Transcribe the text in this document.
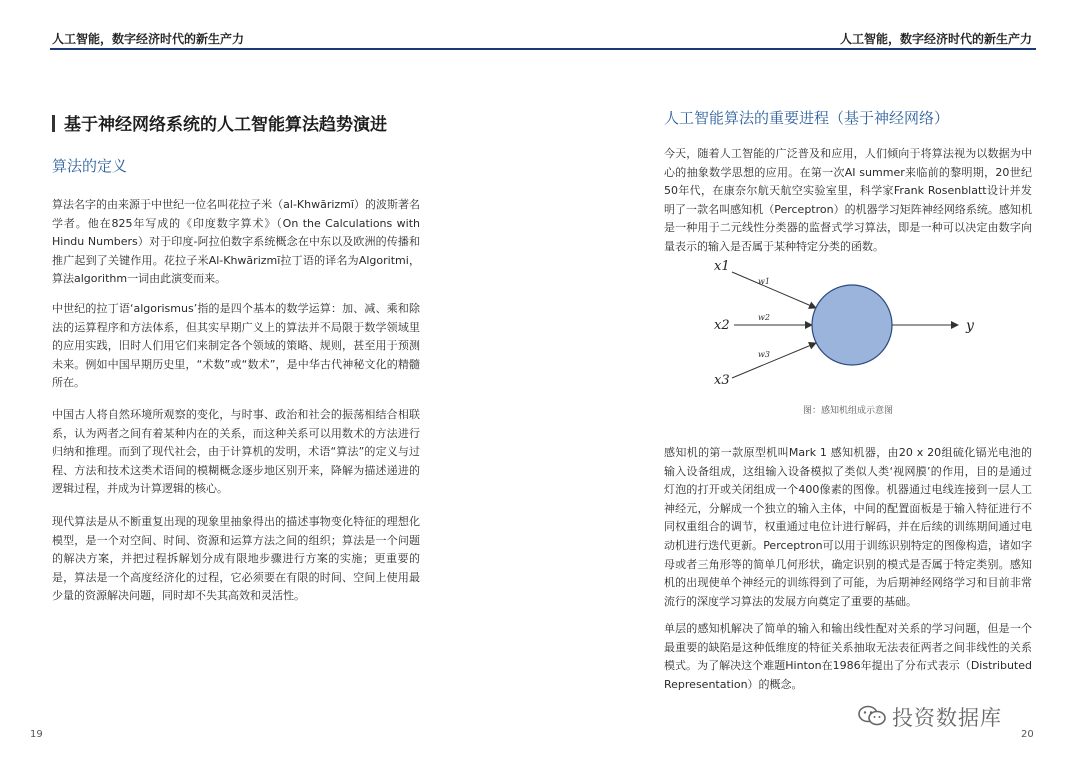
人工智能，数字经济时代的新生产力
基于神经网络系统的人工智能算法趋势演进
算法的定义

算法名字的由来源于中世纪一位名叫花拉子米（al-Khwārizmī）的波斯著名学者。他在825年写成的《印度数字算术》（On the Calculations with Hindu Numbers）对于印度-阿拉伯数字系统概念在中东以及欧洲的传播和推广起到了关键作用。花拉子米Al-Khwārizmī拉丁语的译名为Algoritmi，算法algorithm一词由此演变而来。

中世纪的拉丁语‘algorismus’指的是四个基本的数学运算：加、减、乘和除法的运算程序和方法体系，但其实早期广义上的算法并不局限于数学领域里的应用实践，旧时人们用它们来制定各个领域的策略、规则，甚至用于预测未来。例如中国早期历史里，“术数”或“数术”，是中华古代神秘文化的精髓所在。

中国古人将自然环境所观察的变化，与时事、政治和社会的振荡相结合相联系，认为两者之间有着某种内在的关系，而这种关系可以用数术的方法进行归纳和推理。而到了现代社会，由于计算机的发明，术语“算法”的定义与过程、方法和技术这类术语间的模糊概念逐步地区别开来，降解为描述递进的逻辑过程，并成为计算逻辑的核心。

现代算法是从不断重复出现的现象里抽象得出的描述事物变化特征的理想化模型，是一个对空间、时间、资源和运算方法之间的组织；算法是一个问题的解决方案，并把过程拆解划分成有限地步骤进行方案的实施；更重要的是，算法是一个高度经济化的过程，它必须要在有限的时间、空间上使用最少量的资源解决问题，同时却不失其高效和灵活性。

19
人工智能，数字经济时代的新生产力
人工智能算法的重要进程（基于神经网络）

今天，随着人工智能的广泛普及和应用，人们倾向于将算法视为以数据为中心的抽象数学思想的应用。在第一次AI summer来临前的黎明期，20世纪50年代，在康奈尔航天航空实验室里，科学家Frank Rosenblatt设计并发明了一款名叫感知机（Perceptron）的机器学习矩阵神经网络系统。感知机是一种用于二元线性分类器的监督式学习算法，即是一种可以决定由数字向量表示的输入是否属于某种特定分类的函数。

x1
x2
x3
w1
w2
w3
y
图：感知机组成示意图

感知机的第一款原型机叫Mark 1 感知机器，由20 x 20组硫化镉光电池的输入设备组成，这组输入设备模拟了类似人类‘视网膜’的作用，目的是通过灯泡的打开或关闭组成一个400像素的图像。机器通过电线连接到一层人工神经元，分解成一个独立的输入主体，中间的配置面板是于输入特征进行不同权重组合的调节，权重通过电位计进行解码，并在后续的训练期间通过电动机进行迭代更新。Perceptron可以用于训练识别特定的图像构造，诸如字母或者三角形等的简单几何形状，确定识别的模式是否属于特定类别。感知机的出现使单个神经元的训练得到了可能，为后期神经网络学习和目前非常流行的深度学习算法的发展方向奠定了重要的基础。

单层的感知机解决了简单的输入和输出线性配对关系的学习问题，但是一个最重要的缺陷是这种低维度的特征关系抽取无法表征两者之间非线性的关系模式。为了解决这个难题Hinton在1986年提出了分布式表示（Distributed Representation）的概念。

20
投资数据库
